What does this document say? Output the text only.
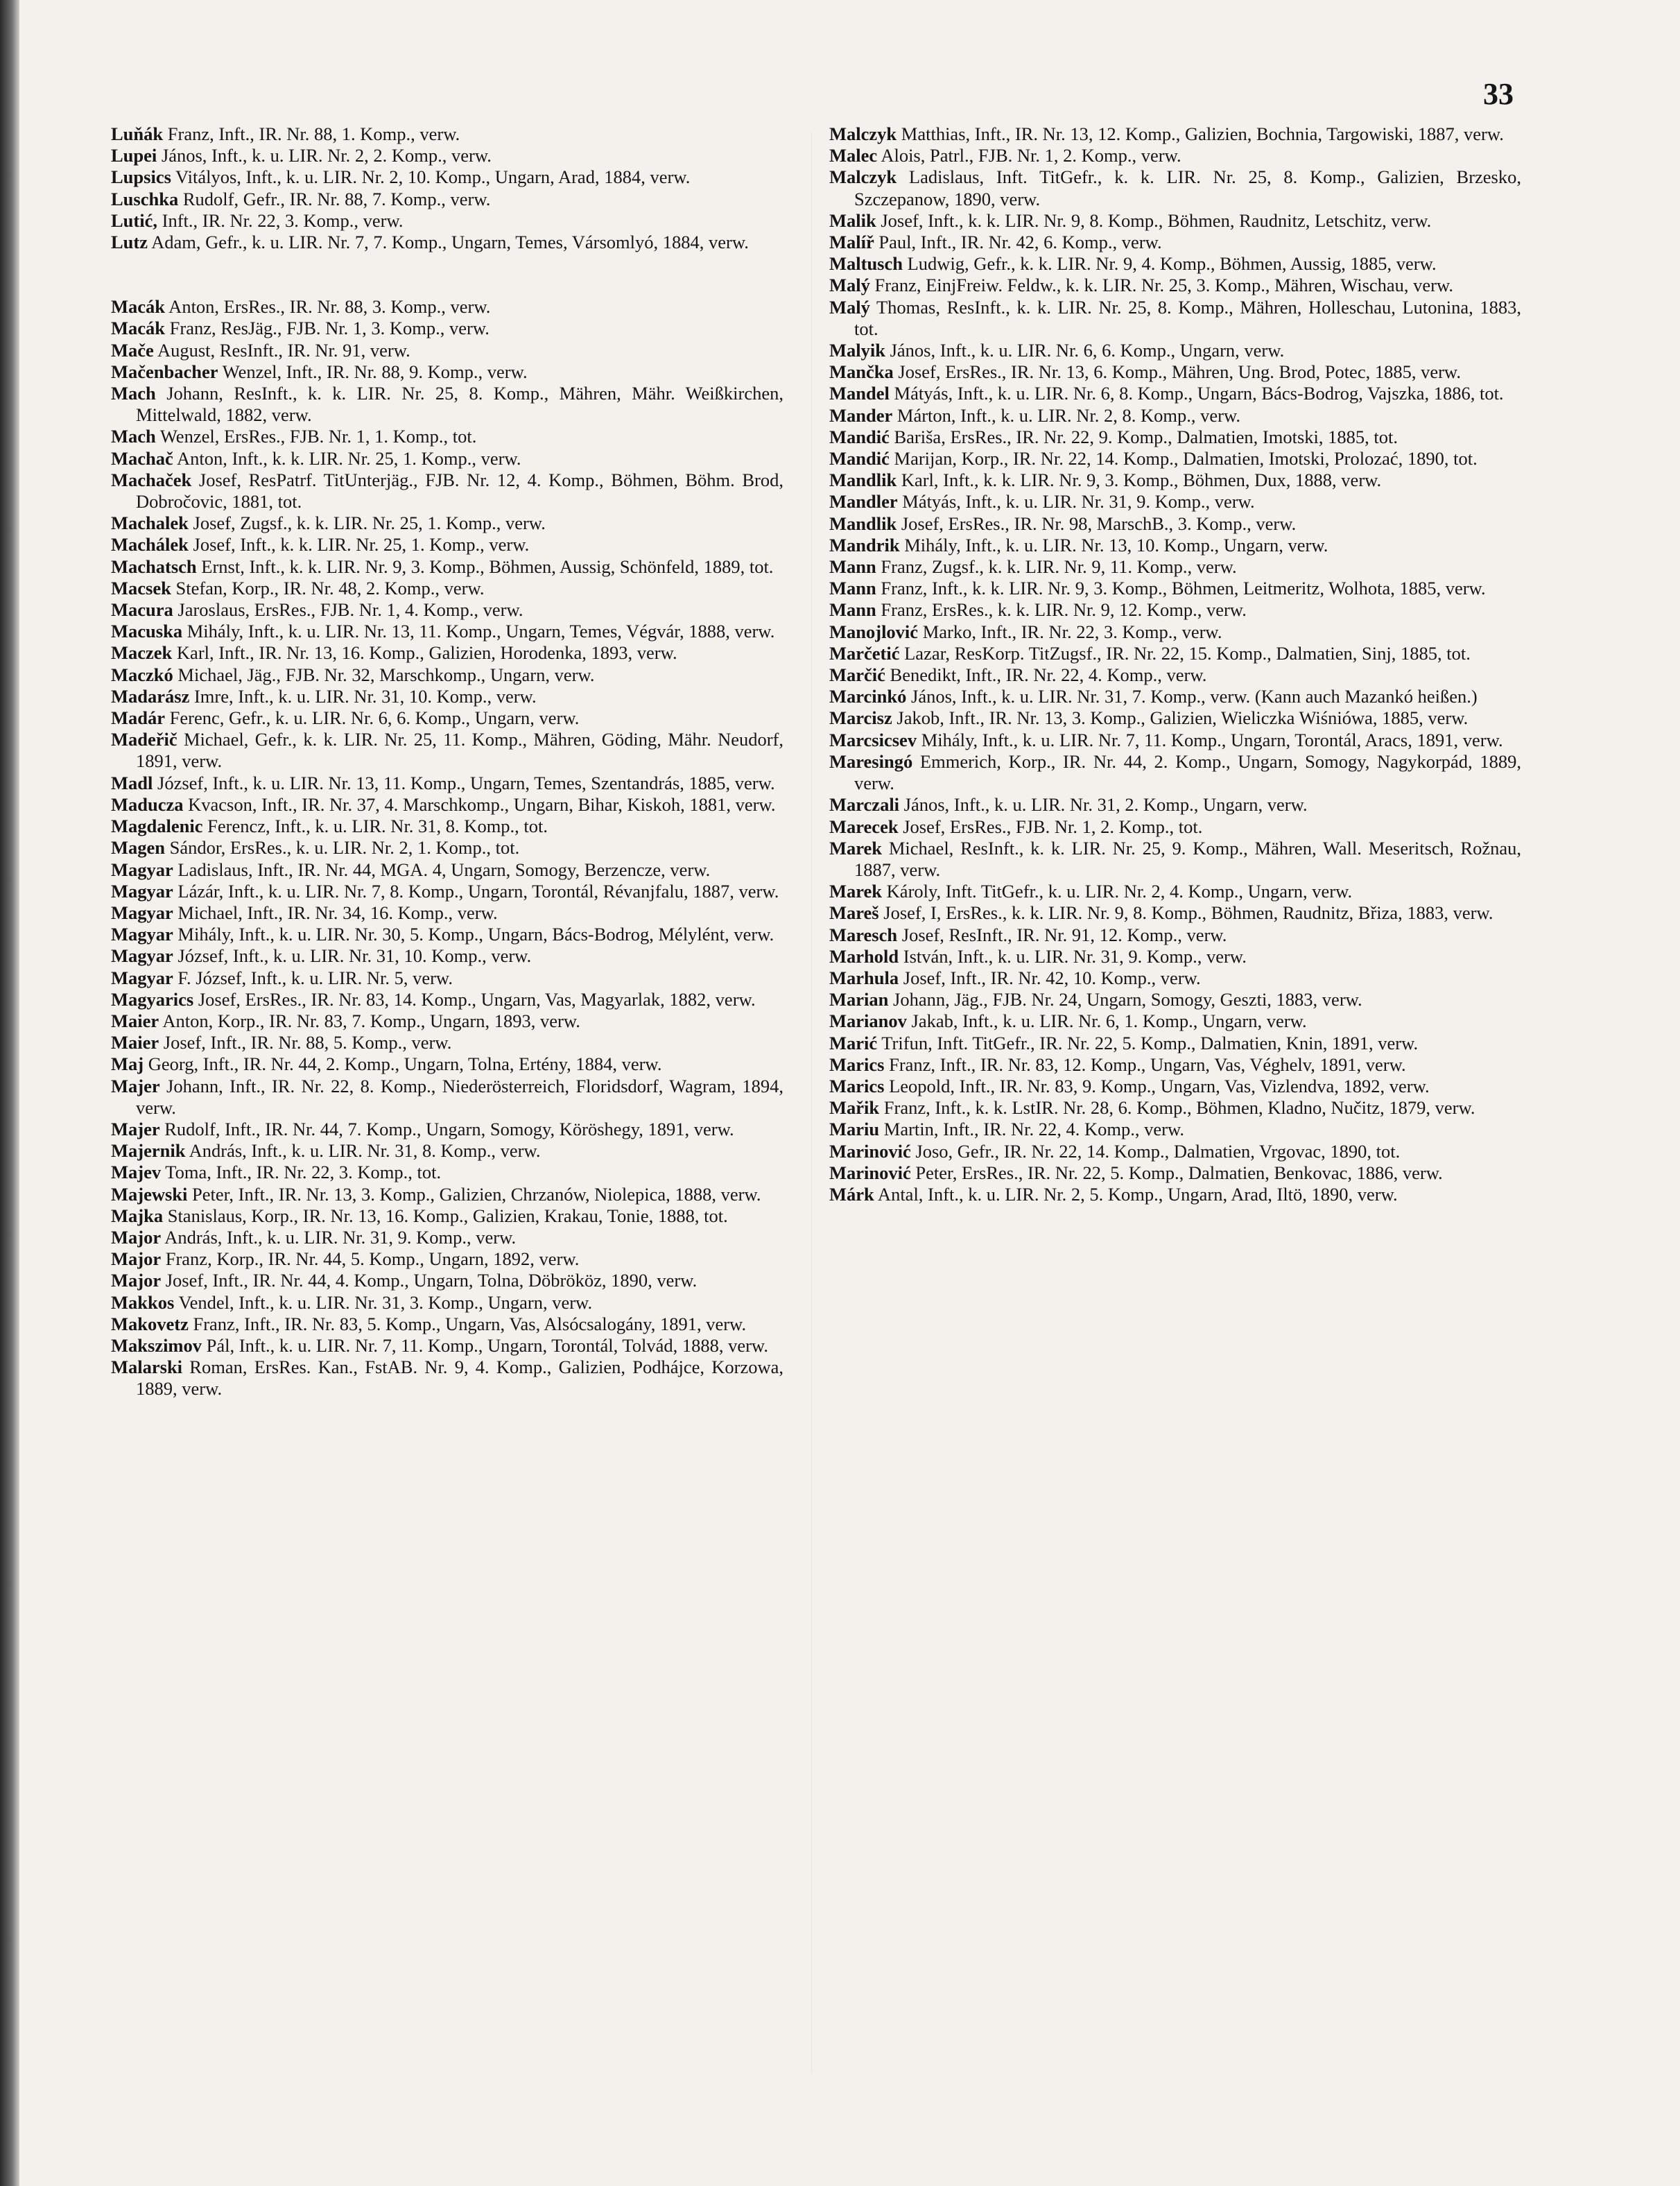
33

Luňák Franz, Inft., IR. Nr. 88, 1. Komp., verw.

Lupei János, Inft., k. u. LIR. Nr. 2, 2. Komp., verw.

Lupsics Vitályos, Inft., k. u. LIR. Nr. 2, 10. Komp., Ungarn, Arad, 1884, verw.

Luschka Rudolf, Gefr., IR. Nr. 88, 7. Komp., verw.

Lutić, Inft., IR. Nr. 22, 3. Komp., verw.

Lutz Adam, Gefr., k. u. LIR. Nr. 7, 7. Komp., Ungarn, Temes, Vársomlyó, 1884, verw.

Macák Anton, ErsRes., IR. Nr. 88, 3. Komp., verw.

Macák Franz, ResJäg., FJB. Nr. 1, 3. Komp., verw.

Mače August, ResInft., IR. Nr. 91, verw.

Mačenbacher Wenzel, Inft., IR. Nr. 88, 9. Komp., verw.

Mach Johann, ResInft., k. k. LIR. Nr. 25, 8. Komp., Mähren, Mähr. Weißkirchen, Mittelwald, 1882, verw.

Mach Wenzel, ErsRes., FJB. Nr. 1, 1. Komp., tot.

Machač Anton, Inft., k. k. LIR. Nr. 25, 1. Komp., verw.

Machaček Josef, ResPatrf. TitUnterjäg., FJB. Nr. 12, 4. Komp., Böhmen, Böhm. Brod, Dobročovic, 1881, tot.

Machalek Josef, Zugsf., k. k. LIR. Nr. 25, 1. Komp., verw.

Machálek Josef, Inft., k. k. LIR. Nr. 25, 1. Komp., verw.

Machatsch Ernst, Inft., k. k. LIR. Nr. 9, 3. Komp., Böhmen, Aussig, Schönfeld, 1889, tot.

Macsek Stefan, Korp., IR. Nr. 48, 2. Komp., verw.

Macura Jaroslaus, ErsRes., FJB. Nr. 1, 4. Komp., verw.

Macuska Mihály, Inft., k. u. LIR. Nr. 13, 11. Komp., Ungarn, Temes, Végvár, 1888, verw.

Maczek Karl, Inft., IR. Nr. 13, 16. Komp., Galizien, Horodenka, 1893, verw.

Maczkó Michael, Jäg., FJB. Nr. 32, Marschkomp., Ungarn, verw.

Madarász Imre, Inft., k. u. LIR. Nr. 31, 10. Komp., verw.

Madár Ferenc, Gefr., k. u. LIR. Nr. 6, 6. Komp., Ungarn, verw.

Madeřič Michael, Gefr., k. k. LIR. Nr. 25, 11. Komp., Mähren, Göding, Mähr. Neudorf, 1891, verw.

Madl József, Inft., k. u. LIR. Nr. 13, 11. Komp., Ungarn, Temes, Szentandrás, 1885, verw.

Maducza Kvacson, Inft., IR. Nr. 37, 4. Marschkomp., Ungarn, Bihar, Kiskoh, 1881, verw.

Magdalenic Ferencz, Inft., k. u. LIR. Nr. 31, 8. Komp., tot.

Magen Sándor, ErsRes., k. u. LIR. Nr. 2, 1. Komp., tot.

Magyar Ladislaus, Inft., IR. Nr. 44, MGA. 4, Ungarn, Somogy, Berzencze, verw.

Magyar Lázár, Inft., k. u. LIR. Nr. 7, 8. Komp., Ungarn, Torontál, Révanjfalu, 1887, verw.

Magyar Michael, Inft., IR. Nr. 34, 16. Komp., verw.

Magyar Mihály, Inft., k. u. LIR. Nr. 30, 5. Komp., Ungarn, Bács-Bodrog, Mélylént, verw.

Magyar József, Inft., k. u. LIR. Nr. 31, 10. Komp., verw.

Magyar F. József, Inft., k. u. LIR. Nr. 5, verw.

Magyarics Josef, ErsRes., IR. Nr. 83, 14. Komp., Ungarn, Vas, Magyarlak, 1882, verw.

Maier Anton, Korp., IR. Nr. 83, 7. Komp., Ungarn, 1893, verw.

Maier Josef, Inft., IR. Nr. 88, 5. Komp., verw.

Maj Georg, Inft., IR. Nr. 44, 2. Komp., Ungarn, Tolna, Ertény, 1884, verw.

Majer Johann, Inft., IR. Nr. 22, 8. Komp., Niederösterreich, Floridsdorf, Wagram, 1894, verw.

Majer Rudolf, Inft., IR. Nr. 44, 7. Komp., Ungarn, Somogy, Köröshegy, 1891, verw.

Majernik András, Inft., k. u. LIR. Nr. 31, 8. Komp., verw.

Majev Toma, Inft., IR. Nr. 22, 3. Komp., tot.

Majewski Peter, Inft., IR. Nr. 13, 3. Komp., Galizien, Chrzanów, Niolepica, 1888, verw.

Majka Stanislaus, Korp., IR. Nr. 13, 16. Komp., Galizien, Krakau, Tonie, 1888, tot.

Major András, Inft., k. u. LIR. Nr. 31, 9. Komp., verw.

Major Franz, Korp., IR. Nr. 44, 5. Komp., Ungarn, 1892, verw.

Major Josef, Inft., IR. Nr. 44, 4. Komp., Ungarn, Tolna, Döbrököz, 1890, verw.

Makkos Vendel, Inft., k. u. LIR. Nr. 31, 3. Komp., Ungarn, verw.

Makovetz Franz, Inft., IR. Nr. 83, 5. Komp., Ungarn, Vas, Alsócsalogány, 1891, verw.

Makszimov Pál, Inft., k. u. LIR. Nr. 7, 11. Komp., Ungarn, Torontál, Tolvád, 1888, verw.

Malarski Roman, ErsRes. Kan., FstAB. Nr. 9, 4. Komp., Galizien, Podhájce, Korzowa, 1889, verw.

Malczyk Matthias, Inft., IR. Nr. 13, 12. Komp., Galizien, Bochnia, Targowiski, 1887, verw.

Malec Alois, Patrl., FJB. Nr. 1, 2. Komp., verw.

Malczyk Ladislaus, Inft. TitGefr., k. k. LIR. Nr. 25, 8. Komp., Galizien, Brzesko, Szczepanow, 1890, verw.

Malik Josef, Inft., k. k. LIR. Nr. 9, 8. Komp., Böhmen, Raudnitz, Letschitz, verw.

Malíř Paul, Inft., IR. Nr. 42, 6. Komp., verw.

Maltusch Ludwig, Gefr., k. k. LIR. Nr. 9, 4. Komp., Böhmen, Aussig, 1885, verw.

Malý Franz, EinjFreiw. Feldw., k. k. LIR. Nr. 25, 3. Komp., Mähren, Wischau, verw.

Malý Thomas, ResInft., k. k. LIR. Nr. 25, 8. Komp., Mähren, Holleschau, Lutonina, 1883, tot.

Malyik János, Inft., k. u. LIR. Nr. 6, 6. Komp., Ungarn, verw.

Mančka Josef, ErsRes., IR. Nr. 13, 6. Komp., Mähren, Ung. Brod, Potec, 1885, verw.

Mandel Mátyás, Inft., k. u. LIR. Nr. 6, 8. Komp., Ungarn, Bács-Bodrog, Vajszka, 1886, tot.

Mander Márton, Inft., k. u. LIR. Nr. 2, 8. Komp., verw.

Mandić Bariša, ErsRes., IR. Nr. 22, 9. Komp., Dalmatien, Imotski, 1885, tot.

Mandić Marijan, Korp., IR. Nr. 22, 14. Komp., Dalmatien, Imotski, Prolozać, 1890, tot.

Mandlik Karl, Inft., k. k. LIR. Nr. 9, 3. Komp., Böhmen, Dux, 1888, verw.

Mandler Mátyás, Inft., k. u. LIR. Nr. 31, 9. Komp., verw.

Mandlik Josef, ErsRes., IR. Nr. 98, MarschB., 3. Komp., verw.

Mandrik Mihály, Inft., k. u. LIR. Nr. 13, 10. Komp., Ungarn, verw.

Mann Franz, Zugsf., k. k. LIR. Nr. 9, 11. Komp., verw.

Mann Franz, Inft., k. k. LIR. Nr. 9, 3. Komp., Böhmen, Leitmeritz, Wolhota, 1885, verw.

Mann Franz, ErsRes., k. k. LIR. Nr. 9, 12. Komp., verw.

Manojlović Marko, Inft., IR. Nr. 22, 3. Komp., verw.

Marčetić Lazar, ResKorp. TitZugsf., IR. Nr. 22, 15. Komp., Dalmatien, Sinj, 1885, tot.

Marčić Benedikt, Inft., IR. Nr. 22, 4. Komp., verw.

Marcinkó János, Inft., k. u. LIR. Nr. 31, 7. Komp., verw. (Kann auch Mazankó heißen.)

Marcisz Jakob, Inft., IR. Nr. 13, 3. Komp., Galizien, Wieliczka Wiśniówa, 1885, verw.

Marcsicsev Mihály, Inft., k. u. LIR. Nr. 7, 11. Komp., Ungarn, Torontál, Aracs, 1891, verw.

Maresingó Emmerich, Korp., IR. Nr. 44, 2. Komp., Ungarn, Somogy, Nagykorpád, 1889, verw.

Marczali János, Inft., k. u. LIR. Nr. 31, 2. Komp., Ungarn, verw.

Marecek Josef, ErsRes., FJB. Nr. 1, 2. Komp., tot.

Marek Michael, ResInft., k. k. LIR. Nr. 25, 9. Komp., Mähren, Wall. Meseritsch, Rožnau, 1887, verw.

Marek Károly, Inft. TitGefr., k. u. LIR. Nr. 2, 4. Komp., Ungarn, verw.

Mareš Josef, I, ErsRes., k. k. LIR. Nr. 9, 8. Komp., Böhmen, Raudnitz, Břiza, 1883, verw.

Maresch Josef, ResInft., IR. Nr. 91, 12. Komp., verw.

Marhold István, Inft., k. u. LIR. Nr. 31, 9. Komp., verw.

Marhula Josef, Inft., IR. Nr. 42, 10. Komp., verw.

Marian Johann, Jäg., FJB. Nr. 24, Ungarn, Somogy, Geszti, 1883, verw.

Marianov Jakab, Inft., k. u. LIR. Nr. 6, 1. Komp., Ungarn, verw.

Marić Trifun, Inft. TitGefr., IR. Nr. 22, 5. Komp., Dalmatien, Knin, 1891, verw.

Marics Franz, Inft., IR. Nr. 83, 12. Komp., Ungarn, Vas, Véghelv, 1891, verw.

Marics Leopold, Inft., IR. Nr. 83, 9. Komp., Ungarn, Vas, Vizlendva, 1892, verw.

Mařik Franz, Inft., k. k. LstIR. Nr. 28, 6. Komp., Böhmen, Kladno, Nučitz, 1879, verw.

Mariu Martin, Inft., IR. Nr. 22, 4. Komp., verw.

Marinović Joso, Gefr., IR. Nr. 22, 14. Komp., Dalmatien, Vrgovac, 1890, tot.

Marinović Peter, ErsRes., IR. Nr. 22, 5. Komp., Dalmatien, Benkovac, 1886, verw.

Márk Antal, Inft., k. u. LIR. Nr. 2, 5. Komp., Ungarn, Arad, Iltö, 1890, verw.
